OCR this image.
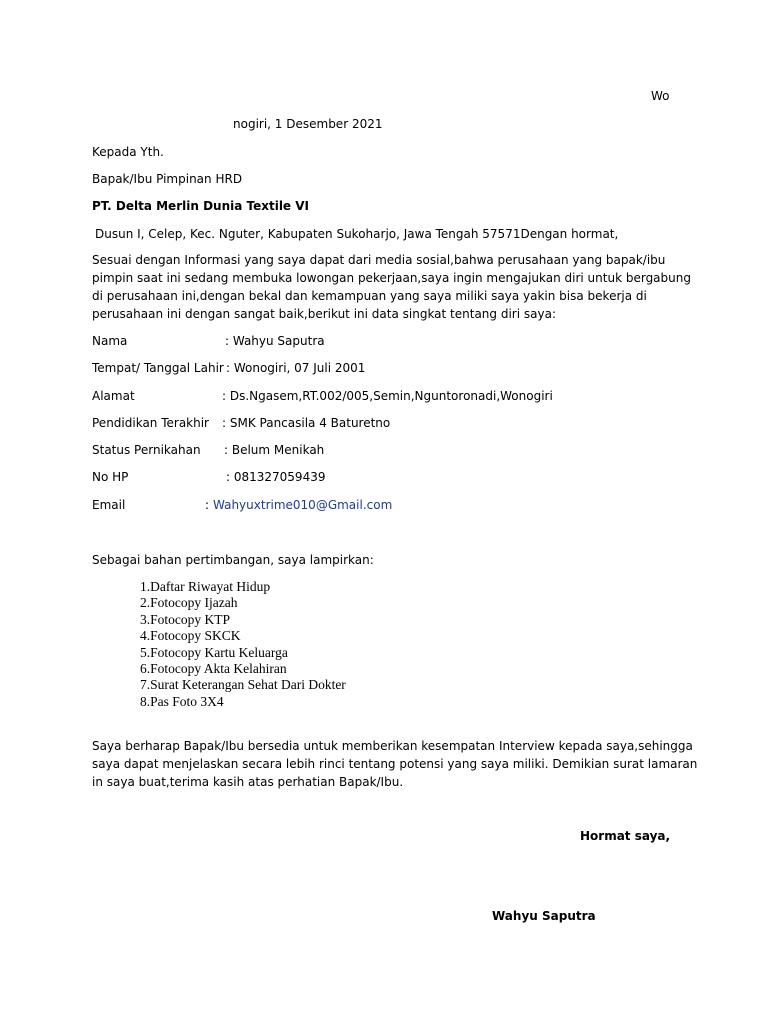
Wo
nogiri, 1 Desember 2021
Kepada Yth.
Bapak/Ibu Pimpinan HRD
PT. Delta Merlin Dunia Textile VI
Dusun I, Celep, Kec. Nguter, Kabupaten Sukoharjo, Jawa Tengah 57571Dengan hormat,
Sesuai dengan Informasi yang saya dapat dari media sosial,bahwa perusahaan yang bapak/ibu
pimpin saat ini sedang membuka lowongan pekerjaan,saya ingin mengajukan diri untuk bergabung
di perusahaan ini,dengan bekal dan kemampuan yang saya miliki saya yakin bisa bekerja di
perusahaan ini dengan sangat baik,berikut ini data singkat tentang diri saya:
Nama	: Wahyu Saputra
Tempat/ Tanggal Lahir : Wonogiri, 07 Juli 2001
Alamat	: Ds.Ngasem,RT.002/005,Semin,Nguntoronadi,Wonogiri
Pendidikan Terakhir : SMK Pancasila 4 Baturetno
Status Pernikahan : Belum Menikah
No HP	: 081327059439
Email	: Wahyuxtrime010@Gmail.com
Sebagai bahan pertimbangan, saya lampirkan:
1.Daftar Riwayat Hidup
2.Fotocopy Ijazah
3.Fotocopy KTP
4.Fotocopy SKCK
5.Fotocopy Kartu Keluarga
6.Fotocopy Akta Kelahiran
7.Surat Keterangan Sehat Dari Dokter
8.Pas Foto 3X4
Saya berharap Bapak/Ibu bersedia untuk memberikan kesempatan Interview kepada saya,sehingga
saya dapat menjelaskan secara lebih rinci tentang potensi yang saya miliki. Demikian surat lamaran
in saya buat,terima kasih atas perhatian Bapak/Ibu.
Hormat saya,
Wahyu Saputra
